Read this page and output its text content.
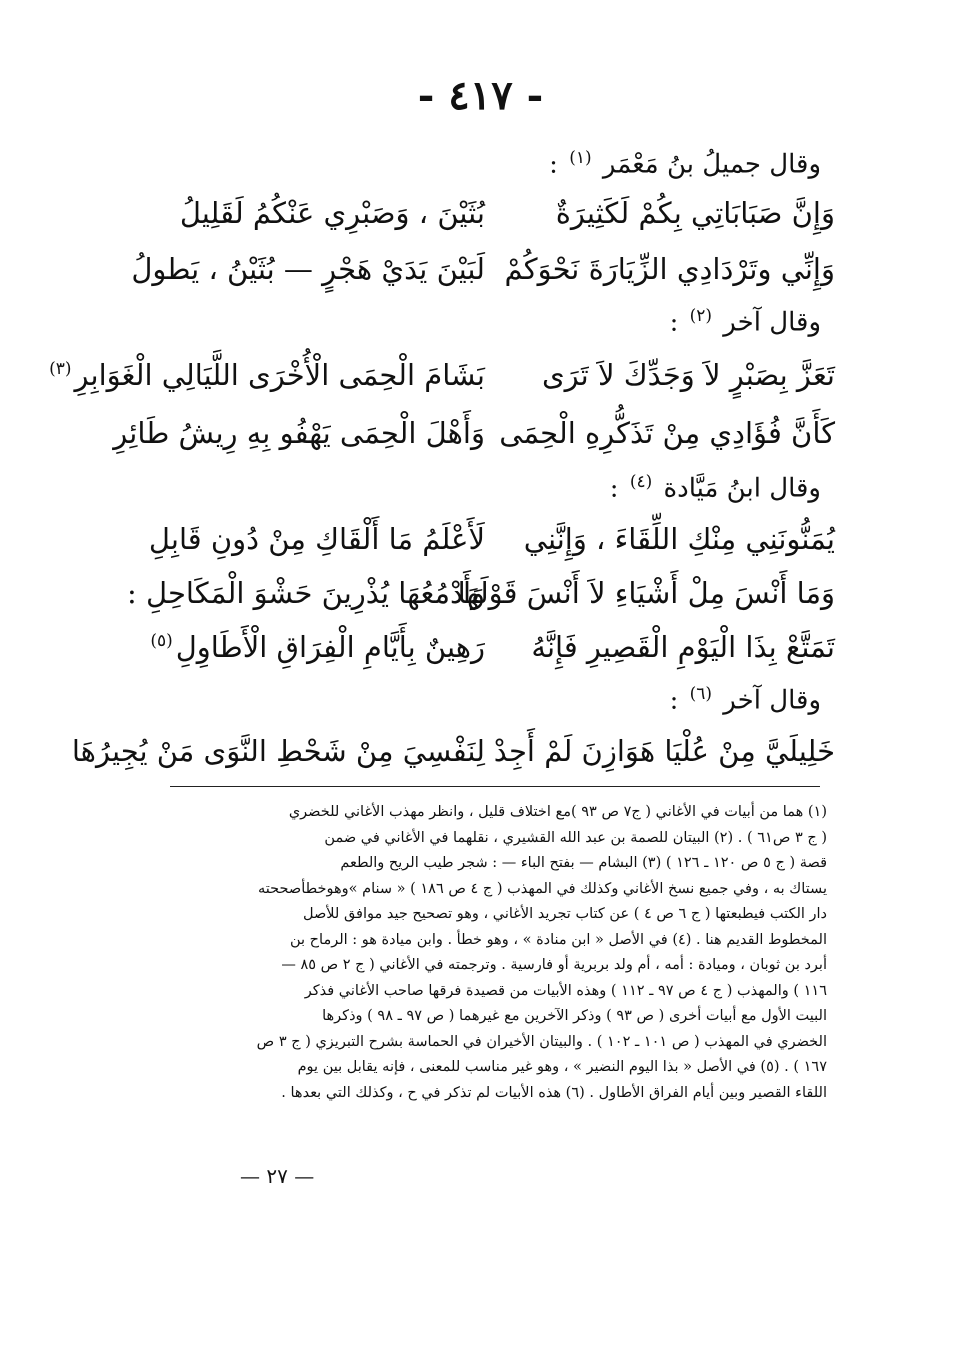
- ٤١٧ -
وقال جميلُ بنُ مَعْمَر $^{(١)}$ :
وَإِنَّ صَبَابَاتِي بِكُمْ لَكَثِيرَةٌ
بُثَيْنَ ، وَصَبْرِي عَنْكُمُ لَقَلِيلُ
وَإِنِّي وتَرْدَادِي الزِّيَارَةَ نَحْوَكُمْ
لَبَيْنَ يَدَيْ هَجْرٍ — بُثَيْنُ ، يَطولُ
وقال آخر $^{(٢)}$ :
تَعَزَّ بِصَبْرٍ لاَ وَجَدِّكَ لاَ تَرَى
بَشَامَ الْحِمَى الْأُخْرَى اللَّيَالِي الْغَوَابِرِ$^{(٣)}$
كَأَنَّ فُؤَادِي مِنْ تَذَكُّرِهِ الْحِمَى
وَأَهْلَ الْحِمَى يَهْفُو بِهِ رِيشُ طَائِرِ
وقال ابنُ مَيَّادة $^{(٤)}$ :
يُمَنُّونَنِي مِنْكِ اللِّقَاءَ ، وَإِنَّنِي
لَأَعْلَمُ مَا أَلْقَاكِ مِنْ دُونِ قَابِلِ
وَمَا أَنْسَ مِلْ أَشْيَاءِ لاَ أَنْسَ قَوْلَهَا
وَأَدْمُعُهَا يُذْرِينَ حَشْوَ الْمَكَاحِلِ :
تَمَتَّعْ بِذَا الْيَوْمِ الْقَصِيرِ فَإِنَّهُ
رَهِينٌ بِأَيَّامِ الْفِرَاقِ الْأَطَاوِلِ$^{(٥)}$
وقال آخر $^{(٦)}$ :
خَلِيلَيَّ مِنْ عُلْيَا هَوَازِنَ لَمْ أَجِدْ
لِنَفْسِيَ مِنْ شَحْطِ النَّوَى مَنْ يُجِيرُهَا
(١) هما من أبيات في الأغاني ( ج٧ ص ٩٣ )مع اختلاف قليل ، وانظر مهذب الأغاني للخضري
( ج ٣ ص٦١ ) . (٢) البيتان للصمة بن عبد الله القشيري ، نقلهما في الأغاني في ضمن
قصة ( ج ٥ ص ١٢٠ ـ ١٢٦ ) (٣) البشام — بفتح الباء — : شجر طيب الريح والطعم
يستاك به ، وفي جميع نسخ الأغاني وكذلك في المهذب ( ج ٤ ص ١٨٦ ) « سنام »وهوخطأصححته
دار الكتب فيطبعتها ( ج ٦ ص ٤ ) عن كتاب تجريد الأغاني ، وهو تصحيح جيد موافق للأصل
المخطوط القديم هنا . (٤) في الأصل « ابن منادة » ، وهو خطأ . وابن ميادة هو : الرماح بن
أبرد بن ثوبان ، وميادة : أمه ، أم ولد بربرية أو فارسية . وترجمته في الأغاني ( ج ٢ ص ٨٥ —
١١٦ ) والمهذب ( ج ٤ ص ٩٧ ـ ١١٢ ) وهذه الأبيات من قصيدة فرقها صاحب الأغاني فذكر
البيت الأول مع أبيات أخرى ( ص ٩٣ ) وذكر الآخرين مع غيرهما ( ص ٩٧ ـ ٩٨ ) وذكرها
الخضري في المهذب ( ص ١٠١ ـ ١٠٢ ) . والبيتان الأخيران في الحماسة بشرح التبريزي ( ج ٣ ص
١٦٧ ) . (٥) في الأصل « بذا اليوم النضير » ، وهو غير مناسب للمعنى ، فإنه يقابل بين يوم
اللقاء القصير وبين أيام الفراق الأطاول . (٦) هذه الأبيات لم تذكر في ح ، وكذلك التي بعدها .
— ٢٧ —
